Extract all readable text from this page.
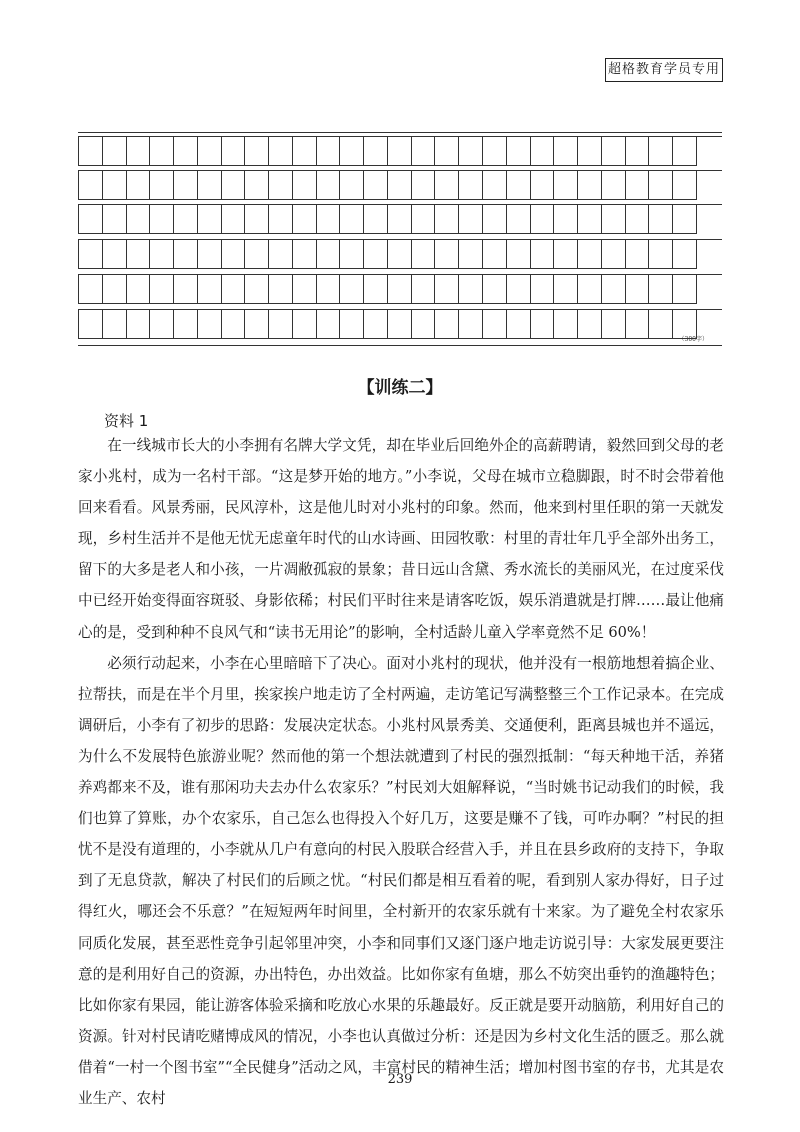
超格教育学员专用
（300字）
【训练二】
资料 1

在一线城市长大的小李拥有名牌大学文凭，却在毕业后回绝外企的高薪聘请，毅然回到父母的老家小兆村，成为一名村干部。“这是梦开始的地方。”小李说，父母在城市立稳脚跟，时不时会带着他回来看看。风景秀丽，民风淳朴，这是他儿时对小兆村的印象。然而，他来到村里任职的第一天就发现，乡村生活并不是他无忧无虑童年时代的山水诗画、田园牧歌：村里的青壮年几乎全部外出务工，留下的大多是老人和小孩，一片凋敝孤寂的景象；昔日远山含黛、秀水流长的美丽风光，在过度采伐中已经开始变得面容斑驳、身影依稀；村民们平时往来是请客吃饭，娱乐消遣就是打牌……最让他痛心的是，受到种种不良风气和“读书无用论”的影响，全村适龄儿童入学率竟然不足 60%！

必须行动起来，小李在心里暗暗下了决心。面对小兆村的现状，他并没有一根筋地想着搞企业、拉帮扶，而是在半个月里，挨家挨户地走访了全村两遍，走访笔记写满整整三个工作记录本。在完成调研后，小李有了初步的思路：发展决定状态。小兆村风景秀美、交通便利，距离县城也并不遥远，为什么不发展特色旅游业呢？然而他的第一个想法就遭到了村民的强烈抵制：“每天种地干活，养猪养鸡都来不及，谁有那闲功夫去办什么农家乐？”村民刘大姐解释说，“当时姚书记动我们的时候，我们也算了算账，办个农家乐，自己怎么也得投入个好几万，这要是赚不了钱，可咋办啊？”村民的担忧不是没有道理的，小李就从几户有意向的村民入股联合经营入手，并且在县乡政府的支持下，争取到了无息贷款，解决了村民们的后顾之忧。“村民们都是相互看着的呢，看到别人家办得好，日子过得红火，哪还会不乐意？”在短短两年时间里，全村新开的农家乐就有十来家。为了避免全村农家乐同质化发展，甚至恶性竞争引起邻里冲突，小李和同事们又逐门逐户地走访说引导：大家发展更要注意的是利用好自己的资源，办出特色，办出效益。比如你家有鱼塘，那么不妨突出垂钓的渔趣特色；比如你家有果园，能让游客体验采摘和吃放心水果的乐趣最好。反正就是要开动脑筋，利用好自己的资源。针对村民请吃赌博成风的情况，小李也认真做过分析：还是因为乡村文化生活的匮乏。那么就借着“一村一个图书室”“全民健身”活动之风，丰富村民的精神生活；增加村图书室的存书，尤其是农业生产、农村

239
